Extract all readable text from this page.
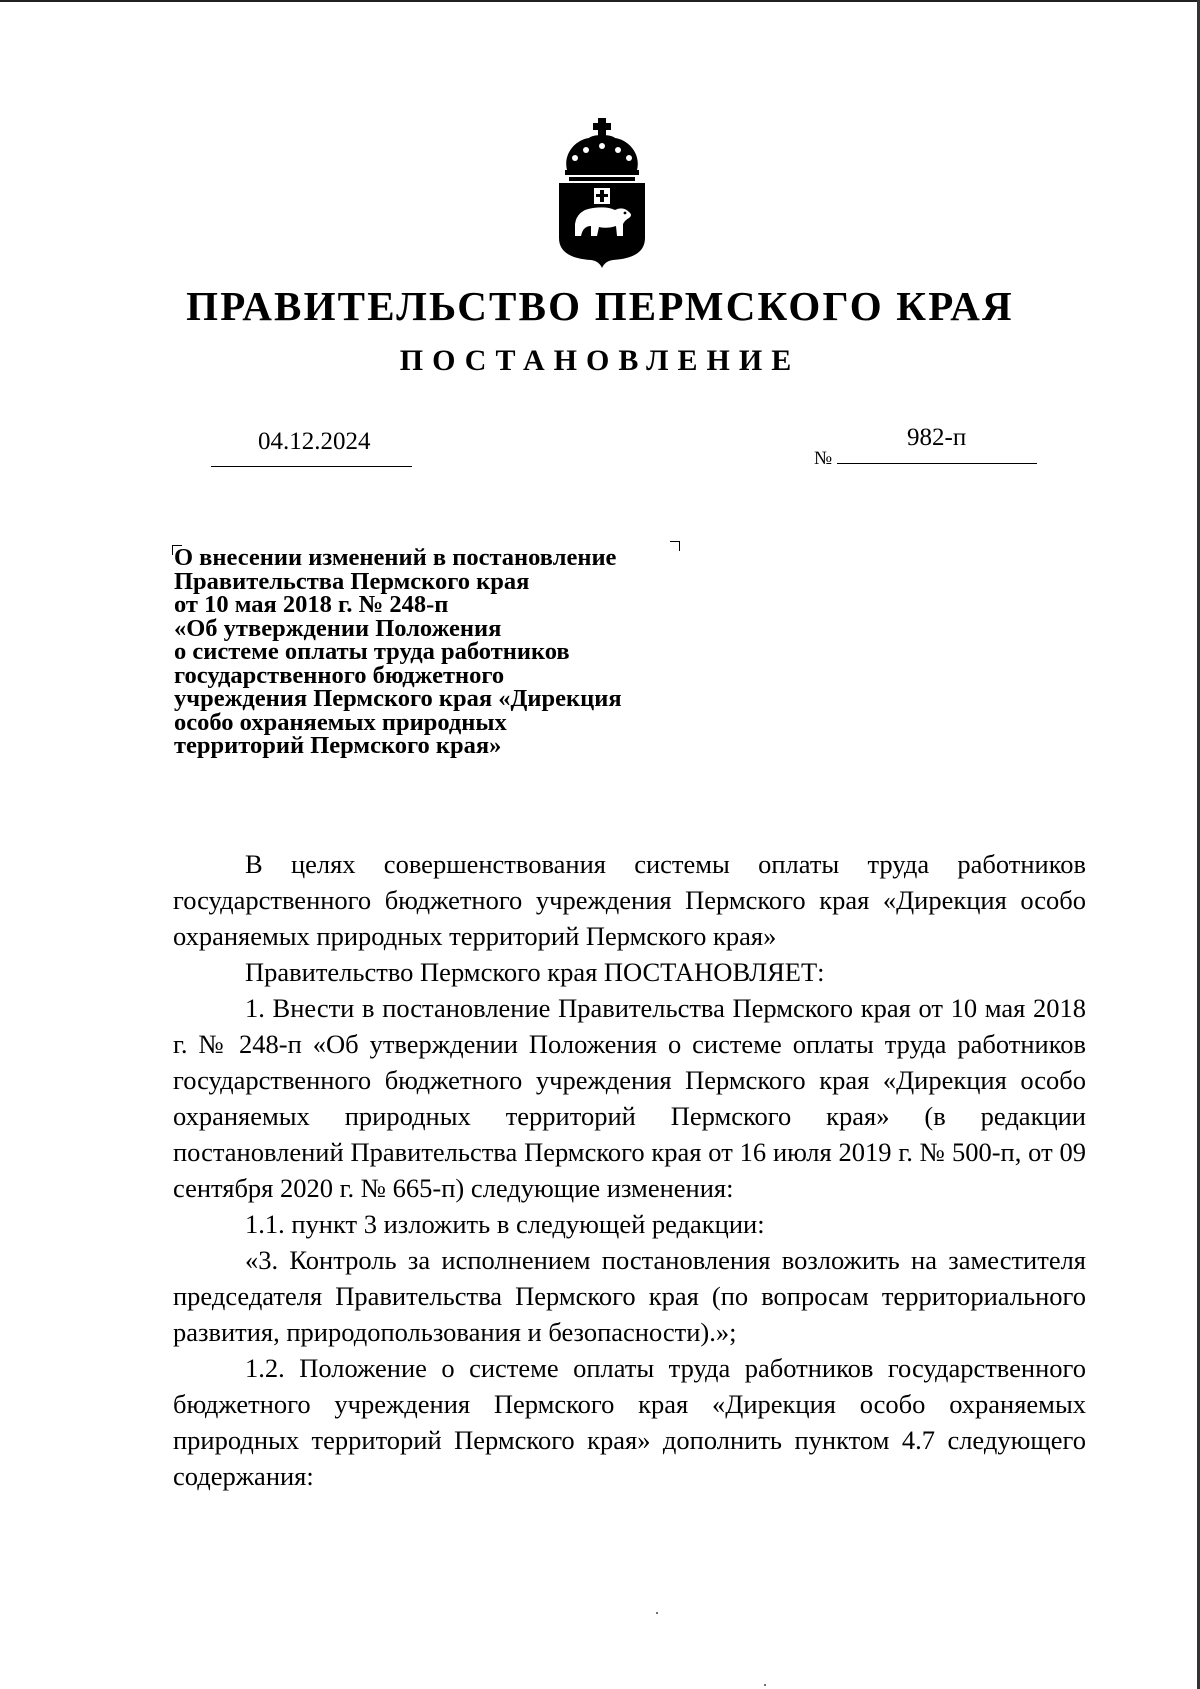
ПРАВИТЕЛЬСТВО ПЕРМСКОГО КРАЯ
ПОСТАНОВЛЕНИЕ
04.12.2024
№
982-п
О внесении изменений в постановление
Правительства Пермского края
от 10 мая 2018 г. № 248-п
«Об утверждении Положения
о системе оплаты труда работников
государственного бюджетного
учреждения Пермского края «Дирекция
особо охраняемых природных
территорий Пермского края»

В целях совершенствования системы оплаты труда работников государственного бюджетного учреждения Пермского края «Дирекция особо охраняемых природных территорий Пермского края»

Правительство Пермского края ПОСТАНОВЛЯЕТ:

1. Внести в постановление Правительства Пермского края от 10 мая 2018 г. № 248-п «Об утверждении Положения о системе оплаты труда работников государственного бюджетного учреждения Пермского края «Дирекция особо охраняемых природных территорий Пермского края» (в редакции постановлений Правительства Пермского края от 16 июля 2019 г. № 500-п, от 09 сентября 2020 г. № 665-п) следующие изменения:

1.1. пункт 3 изложить в следующей редакции:

«3. Контроль за исполнением постановления возложить на заместителя председателя Правительства Пермского края (по вопросам территориального развития, природопользования и безопасности).»;

1.2. Положение о системе оплаты труда работников государственного бюджетного учреждения Пермского края «Дирекция особо охраняемых природных территорий Пермского края» дополнить пунктом 4.7 следующего содержания:
